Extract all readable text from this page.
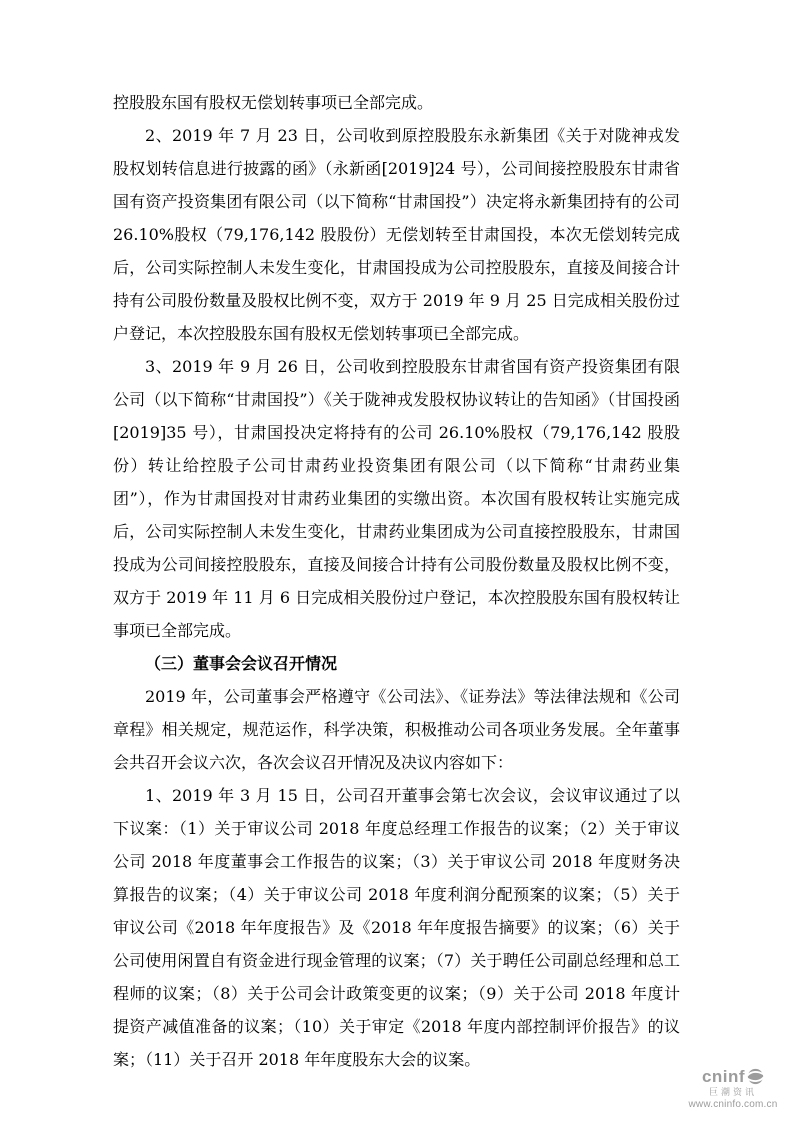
控股股东国有股权无偿划转事项已全部完成。

2、2019 年 7 月 23 日，公司收到原控股股东永新集团《关于对陇神戎发股权划转信息进行披露的函》（永新函[2019]24 号），公司间接控股股东甘肃省国有资产投资集团有限公司（以下简称“甘肃国投”）决定将永新集团持有的公司 26.10%股权（79,176,142 股股份）无偿划转至甘肃国投，本次无偿划转完成后，公司实际控制人未发生变化，甘肃国投成为公司控股股东，直接及间接合计持有公司股份数量及股权比例不变，双方于 2019 年 9 月 25 日完成相关股份过户登记，本次控股股东国有股权无偿划转事项已全部完成。

3、2019 年 9 月 26 日，公司收到控股股东甘肃省国有资产投资集团有限公司（以下简称“甘肃国投”）《关于陇神戎发股权协议转让的告知函》（甘国投函[2019]35 号），甘肃国投决定将持有的公司 26.10%股权（79,176,142 股股份）转让给控股子公司甘肃药业投资集团有限公司（以下简称“甘肃药业集团”），作为甘肃国投对甘肃药业集团的实缴出资。本次国有股权转让实施完成后，公司实际控制人未发生变化，甘肃药业集团成为公司直接控股股东，甘肃国投成为公司间接控股股东，直接及间接合计持有公司股份数量及股权比例不变，双方于 2019 年 11 月 6 日完成相关股份过户登记，本次控股股东国有股权转让事项已全部完成。

（三）董事会会议召开情况

2019 年，公司董事会严格遵守《公司法》、《证券法》等法律法规和《公司章程》相关规定，规范运作，科学决策，积极推动公司各项业务发展。全年董事会共召开会议六次，各次会议召开情况及决议内容如下：

1、2019 年 3 月 15 日，公司召开董事会第七次会议，会议审议通过了以下议案：（1）关于审议公司 2018 年度总经理工作报告的议案；（2）关于审议公司 2018 年度董事会工作报告的议案；（3）关于审议公司 2018 年度财务决算报告的议案；（4）关于审议公司 2018 年度利润分配预案的议案；（5）关于审议公司《2018 年年度报告》及《2018 年年度报告摘要》的议案；（6）关于公司使用闲置自有资金进行现金管理的议案；（7）关于聘任公司副总经理和总工程师的议案；（8）关于公司会计政策变更的议案；（9）关于公司 2018 年度计提资产减值准备的议案；（10）关于审定《2018 年度内部控制评价报告》的议案；（11）关于召开 2018 年年度股东大会的议案。

cninf
巨潮资讯
www.cninfo.com.cn
